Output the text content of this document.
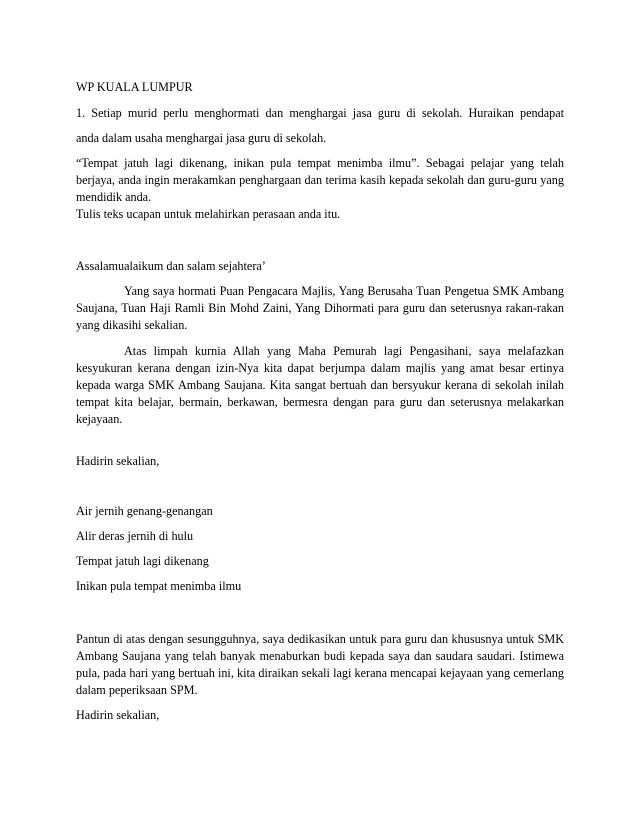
WP KUALA LUMPUR
1. Setiap murid perlu menghormati dan menghargai jasa guru di sekolah. Huraikan pendapat
anda dalam usaha menghargai jasa guru di sekolah.
“Tempat jatuh lagi dikenang, inikan pula tempat menimba ilmu”. Sebagai pelajar yang telah berjaya, anda ingin merakamkan penghargaan dan terima kasih kepada sekolah dan guru-guru yang mendidik anda.
Tulis teks ucapan untuk melahirkan perasaan anda itu.
Assalamualaikum dan salam sejahtera’
Yang saya hormati Puan Pengacara Majlis, Yang Berusaha Tuan Pengetua SMK Ambang Saujana, Tuan Haji Ramli Bin Mohd Zaini, Yang Dihormati para guru dan seterusnya rakan-rakan yang dikasihi sekalian.
Atas limpah kurnia Allah yang Maha Pemurah lagi Pengasihani, saya melafazkan kesyukuran kerana dengan izin-Nya kita dapat berjumpa dalam majlis yang amat besar ertinya kepada warga SMK Ambang Saujana. Kita sangat bertuah dan bersyukur kerana di sekolah inilah tempat kita belajar, bermain, berkawan, bermesra dengan para guru dan seterusnya melakarkan kejayaan.
Hadirin sekalian,
Air jernih genang-genangan
Alir deras jernih di hulu
Tempat jatuh lagi dikenang
Inikan pula tempat menimba ilmu
Pantun di atas dengan sesungguhnya, saya dedikasikan untuk para guru dan khususnya untuk SMK Ambang Saujana yang telah banyak menaburkan budi kepada saya dan saudara saudari. Istimewa pula, pada hari yang bertuah ini, kita diraikan sekali lagi kerana mencapai kejayaan yang cemerlang dalam peperiksaan SPM.
Hadirin sekalian,
